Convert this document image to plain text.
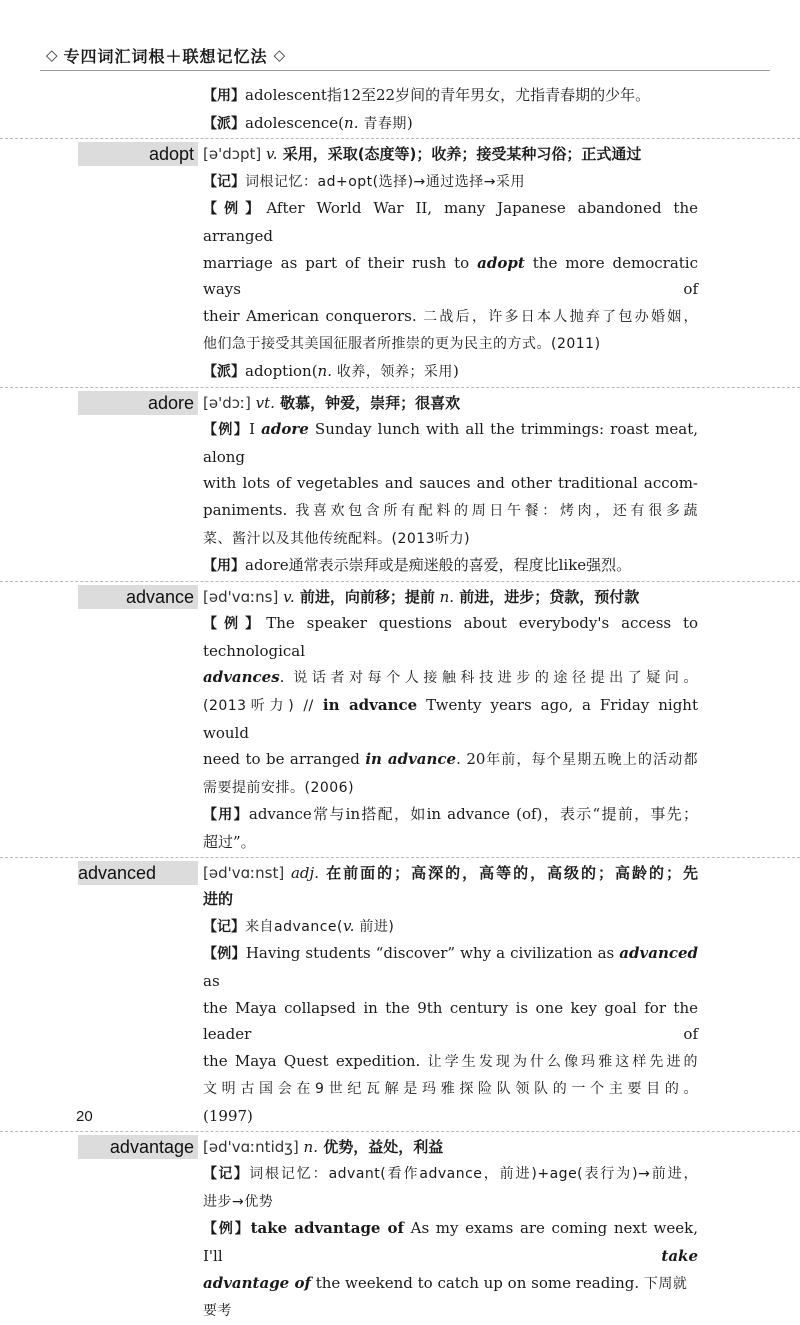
◇ 专四词汇词根＋联想记忆法 ◇
【用】adolescent指12至22岁间的青年男女，尤指青春期的少年。
【派】adolescence(n. 青春期)
adopt [ə'dɔpt] v. 采用，采取(态度等)；收养；接受某种习俗；正式通过
【记】词根记忆：ad+opt(选择)→通过选择→采用
【例】After World War II, many Japanese abandoned the arranged
marriage as part of their rush to adopt the more democratic ways of
their American conquerors. 二战后，许多日本人抛弃了包办婚姻，
他们急于接受其美国征服者所推崇的更为民主的方式。(2011)
【派】adoption(n. 收养，领养；采用)
adore [ə'dɔː] vt. 敬慕，钟爱，崇拜；很喜欢
【例】I adore Sunday lunch with all the trimmings: roast meat, along
with lots of vegetables and sauces and other traditional accom-
paniments. 我喜欢包含所有配料的周日午餐：烤肉，还有很多蔬
菜、酱汁以及其他传统配料。(2013听力)
【用】adore通常表示崇拜或是痴迷般的喜爱，程度比like强烈。
advance [əd'vɑːns] v. 前进，向前移；提前 n. 前进，进步；贷款，预付款
【例】The speaker questions about everybody's access to technological
advances. 说话者对每个人接触科技进步的途径提出了疑问。
(2013听力) // in advance Twenty years ago, a Friday night would
need to be arranged in advance. 20年前，每个星期五晚上的活动都
需要提前安排。(2006)
【用】advance常与in搭配，如in advance (of)，表示“提前，事先；
超过”。
advanced	[əd'vɑːnst] adj. 在前面的；高深的，高等的，高级的；高龄的；先
进的
【记】来自advance(v. 前进)
【例】Having students “discover” why a civilization as advanced as
the Maya collapsed in the 9th century is one key goal for the leader of
the Maya Quest expedition. 让学生发现为什么像玛雅这样先进的
文明古国会在9世纪瓦解是玛雅探险队领队的一个主要目的。
(1997)
advantage [əd'vɑːntidʒ] n. 优势，益处，利益
【记】词根记忆：advant(看作advance，前进)+age(表行为)→前进，
进步→优势
【例】take advantage of As my exams are coming next week, I'll take
advantage of the weekend to catch up on some reading. 下周就要考
20
